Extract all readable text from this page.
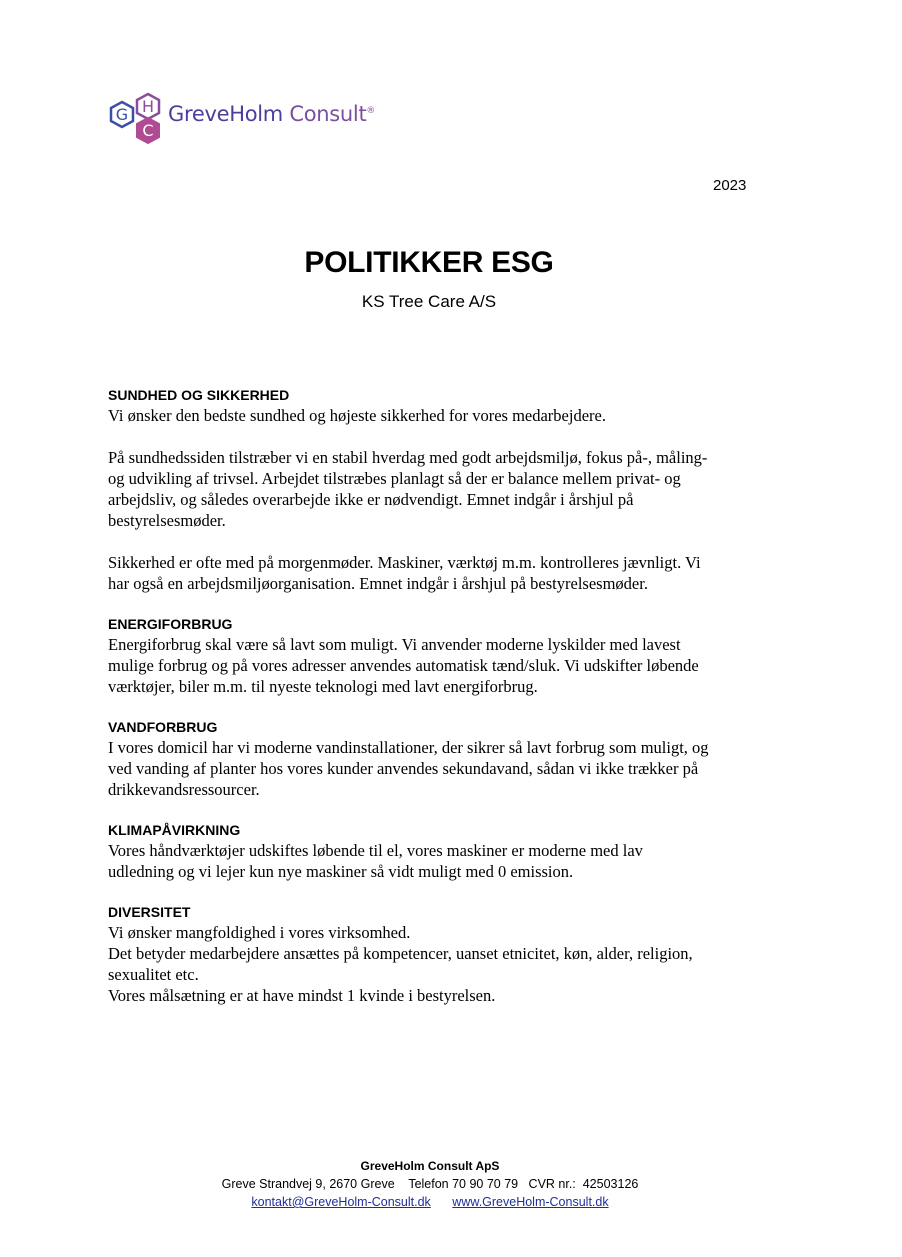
G H
C
GreveHolm Consult®
2023
POLITIKKER ESG
KS Tree Care A/S
SUNDHED OG SIKKERHED
Vi ønsker den bedste sundhed og højeste sikkerhed for vores medarbejdere.
På sundhedssiden tilstræber vi en stabil hverdag med godt arbejdsmiljø, fokus på-, måling-
og udvikling af trivsel. Arbejdet tilstræbes planlagt så der er balance mellem privat- og
arbejdsliv, og således overarbejde ikke er nødvendigt. Emnet indgår i årshjul på
bestyrelsesmøder.
Sikkerhed er ofte med på morgenmøder. Maskiner, værktøj m.m. kontrolleres jævnligt. Vi
har også en arbejdsmiljøorganisation. Emnet indgår i årshjul på bestyrelsesmøder.
ENERGIFORBRUG
Energiforbrug skal være så lavt som muligt. Vi anvender moderne lyskilder med lavest
mulige forbrug og på vores adresser anvendes automatisk tænd/sluk. Vi udskifter løbende
værktøjer, biler m.m. til nyeste teknologi med lavt energiforbrug.
VANDFORBRUG
I vores domicil har vi moderne vandinstallationer, der sikrer så lavt forbrug som muligt, og
ved vanding af planter hos vores kunder anvendes sekundavand, sådan vi ikke trækker på
drikkevandsressourcer.
KLIMAPÅVIRKNING
Vores håndværktøjer udskiftes løbende til el, vores maskiner er moderne med lav
udledning og vi lejer kun nye maskiner så vidt muligt med 0 emission.
DIVERSITET
Vi ønsker mangfoldighed i vores virksomhed.
Det betyder medarbejdere ansættes på kompetencer, uanset etnicitet, køn, alder, religion,
sexualitet etc.
Vores målsætning er at have mindst 1 kvinde i bestyrelsen.
GreveHolm Consult ApS
Greve Strandvej 9, 2670 Greve    Telefon 70 90 70 79   CVR nr.:  42503126
kontakt@GreveHolm-Consult.dk www.GreveHolm-Consult.dk
